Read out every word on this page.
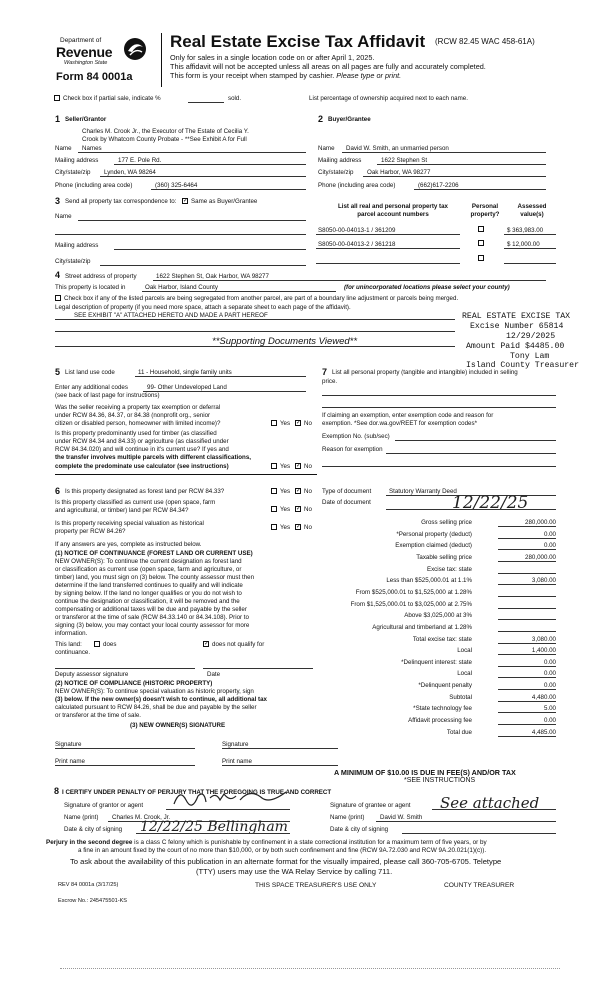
Department of
Revenue
Washington State
Form 84 0001a
Real Estate Excise Tax Affidavit (RCW 82.45 WAC 458-61A)
Only for sales in a single location code on or after April 1, 2025.
This affidavit will not be accepted unless all areas on all pages are fully and accurately completed.
This form is your receipt when stamped by cashier. Please type or print.
Check box if partial sale, indicate %	sold.	List percentage of ownership acquired next to each name.
1 Seller/Grantor
Charles M. Crook Jr., the Executor of The Estate of Cecilia Y.
Crook by Whatcom County Probate - **See Exhibit A for Full
Name Names
Mailing address	177 E. Pole Rd.
City/state/zip Lynden, WA 98264
Phone (including area code)	(360) 325-6464
2 Buyer/Grantee
Name David W. Smith, an unmarried person
Mailing address	1622 Stephen St
City/state/zip Oak Harbor, WA 98277
Phone (including area code)	(662)617-2206
3 Send all property tax correspondence to: ✓ Same as Buyer/Grantee
Name
Mailing address
City/state/zip
List all real and personal property tax
parcel account numbers
Personal
property?
Assessed
value(s)
S8050-00-04013-1 / 361209	$ 363,983.00
S8050-00-04013-2 / 361218	$ 12,000.00
4 Street address of property	1622 Stephen St, Oak Harbor, WA 98277
This property is located in	Oak Harbor, Island County	(for unincorporated locations please select your county)
Check box if any of the listed parcels are being segregated from another parcel, are part of a boundary line adjustment or parcels being merged.
Legal description of property (if you need more space, attach a separate sheet to each page of the affidavit).
SEE EXHIBIT "A" ATTACHED HERETO AND MADE A PART HEREOF
**Supporting Documents Viewed**
REAL ESTATE EXCISE TAX
Excise Number 65814
12/29/2025
Amount Paid $4485.00
Tony Lam
Island County Treasurer
5 List land use code	11 - Household, single family units
Enter any additional codes	99- Other Undeveloped Land
(see back of last page for instructions)
Was the seller receiving a property tax exemption or deferral
under RCW 84.36, 84.37, or 84.38 (nonprofit org., senior
citizen or disabled person, homeowner with limited income)?	Yes ✓ No
Is this property predominantly used for timber (as classified
under RCW 84.34 and 84.33) or agriculture (as classified under
RCW 84.34.020) and will continue in it's current use? If yes and
the transfer involves multiple parcels with different classifications,
complete the predominate use calculator (see instructions)	Yes ✓ No
7 List all personal property (tangible and intangible) included in selling
price.
If claiming an exemption, enter exemption code and reason for
exemption. *See dor.wa.gov/REET for exemption codes*
Exemption No. (sub/sec)
Reason for exemption
6 Is this property designated as forest land per RCW 84.33?	Yes ✓ No
Is this property classified as current use (open space, farm
and agricultural, or timber) land per RCW 84.34?	Yes ✓ No
Is this property receiving special valuation as historical
property per RCW 84.26?
Yes ✓ No
If any answers are yes, complete as instructed below.
(1) NOTICE OF CONTINUANCE (FOREST LAND OR CURRENT USE)
NEW OWNER(S): To continue the current designation as forest land
or classification as current use (open space, farm and agriculture, or
timber) land, you must sign on (3) below. The county assessor must then
determine if the land transferred continues to qualify and will indicate
by signing below. If the land no longer qualifies or you do not wish to
continue the designation or classification, it will be removed and the
compensating or additional taxes will be due and payable by the seller
or transferor at the time of sale (RCW 84.33.140 or 84.34.108). Prior to
signing (3) below, you may contact your local county assessor for more
information.
This land:	does	✓ does not qualify for
continuance.
Deputy assessor signature	Date
(2) NOTICE OF COMPLIANCE (HISTORIC PROPERTY)
NEW OWNER(S): To continue special valuation as historic property, sign
(3) below. If the new owner(s) doesn't wish to continue, all additional tax
calculated pursuant to RCW 84.26, shall be due and payable by the seller
or transferor at the time of sale.
(3) NEW OWNER(S) SIGNATURE
Signature	Signature
Print name	Print name
Type of document	Statutory Warranty Deed
Date of document	12/22/25
Gross selling price	280,000.00
*Personal property (deduct)	0.00
Exemption claimed (deduct)	0.00
Taxable selling price	280,000.00
Excise tax: state
Less than $525,000.01 at 1.1%	3,080.00
From $525,000.01 to $1,525,000 at 1.28%
From $1,525,000.01 to $3,025,000 at 2.75%
Above $3,025,000 at 3%
Agricultural and timberland at 1.28%
Total excise tax: state	3,080.00
Local	1,400.00
*Delinquent interest: state	0.00
Local	0.00
*Delinquent penalty	0.00
Subtotal	4,480.00
*State technology fee	5.00
Affidavit processing fee	0.00
Total due	4,485.00
A MINIMUM OF $10.00 IS DUE IN FEE(S) AND/OR TAX
*SEE INSTRUCTIONS
8 I CERTIFY UNDER PENALTY OF PERJURY THAT THE FOREGOING IS TRUE AND CORRECT
Signature of grantor or agent
Name (print) Charles M. Crook, Jr.
Date & city of signing 12/22/25 Bellingham
Signature of grantee or agent See attached
Name (print)	David W. Smith
Date & city of signing
Perjury in the second degree is a class C felony which is punishable by confinement in a state correctional institution for a maximum term of five years, or by
a fine in an amount fixed by the court of no more than $10,000, or by both such confinement and fine (RCW 9A.72.030 and RCW 9A.20.021(1)(c)).
To ask about the availability of this publication in an alternate format for the visually impaired, please call 360-705-6705. Teletype
(TTY) users may use the WA Relay Service by calling 711.
REV 84 0001a (3/17/25)	THIS SPACE TREASURER'S USE ONLY	COUNTY TREASURER
Escrow No.: 245475501-KS
